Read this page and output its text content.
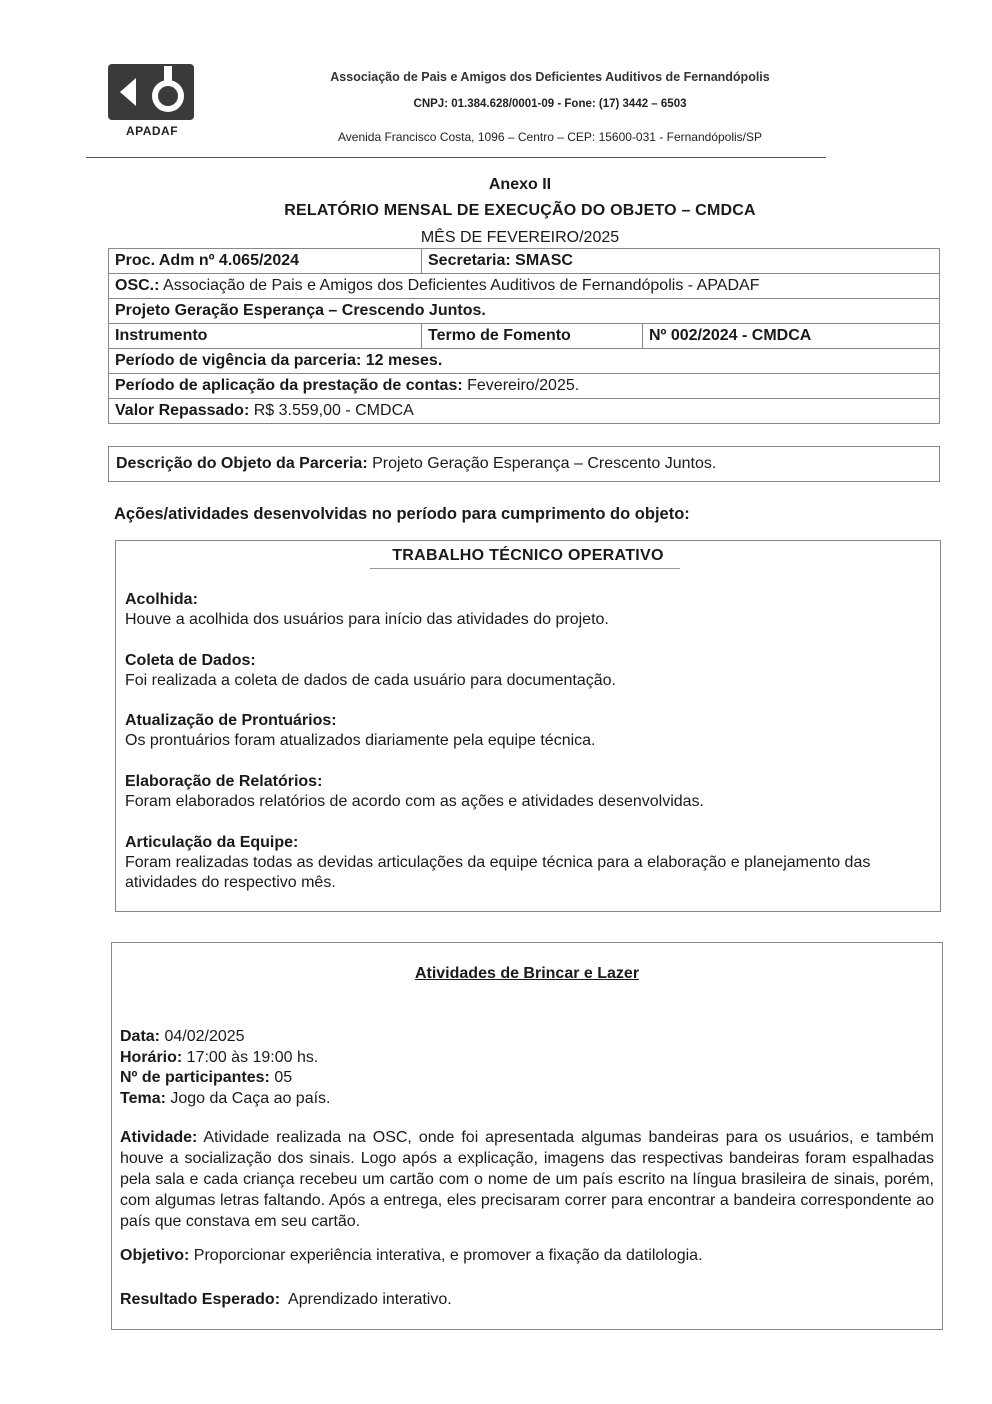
APADAF
Associação de Pais e Amigos dos Deficientes Auditivos de Fernandópolis
CNPJ: 01.384.628/0001-09 - Fone: (17) 3442 – 6503
Avenida Francisco Costa, 1096 – Centro – CEP: 15600-031 - Fernandópolis/SP
Anexo II
RELATÓRIO MENSAL DE EXECUÇÃO DO OBJETO – CMDCA
MÊS DE FEVEREIRO/2025
Proc. Adm nº 4.065/2024	Secretaria: SMASC	
OSC.: Associação de Pais e Amigos dos Deficientes Auditivos de Fernandópolis - APADAF		
Projeto Geração Esperança – Crescendo Juntos.		
Instrumento	Termo de Fomento	Nº 002/2024 - CMDCA
Período de vigência da parceria: 12 meses.		
Período de aplicação da prestação de contas: Fevereiro/2025.		
Valor Repassado: R$ 3.559,00 - CMDCA		
Descrição do Objeto da Parceria: Projeto Geração Esperança – Crescento Juntos.
Ações/atividades desenvolvidas no período para cumprimento do objeto:
TRABALHO TÉCNICO OPERATIVO
Acolhida:
Houve a acolhida dos usuários para início das atividades do projeto.
Coleta de Dados:
Foi realizada a coleta de dados de cada usuário para documentação.
Atualização de Prontuários:
Os prontuários foram atualizados diariamente pela equipe técnica.
Elaboração de Relatórios:
Foram elaborados relatórios de acordo com as ações e atividades desenvolvidas.
Articulação da Equipe:
Foram realizadas todas as devidas articulações da equipe técnica para a elaboração e planejamento das atividades do respectivo mês.
Atividades de Brincar e Lazer
Data: 04/02/2025
Horário: 17:00 às 19:00 hs.
Nº de participantes: 05
Tema: Jogo da Caça ao país.
Atividade: Atividade realizada na OSC, onde foi apresentada algumas bandeiras para os usuários, e também houve a socialização dos sinais. Logo após a explicação, imagens das respectivas bandeiras foram espalhadas pela sala e cada criança recebeu um cartão com o nome de um país escrito na língua brasileira de sinais, porém, com algumas letras faltando. Após a entrega, eles precisaram correr para encontrar a bandeira correspondente ao país que constava em seu cartão.
Objetivo: Proporcionar experiência interativa, e promover a fixação da datilologia.
Resultado Esperado:  Aprendizado interativo.
